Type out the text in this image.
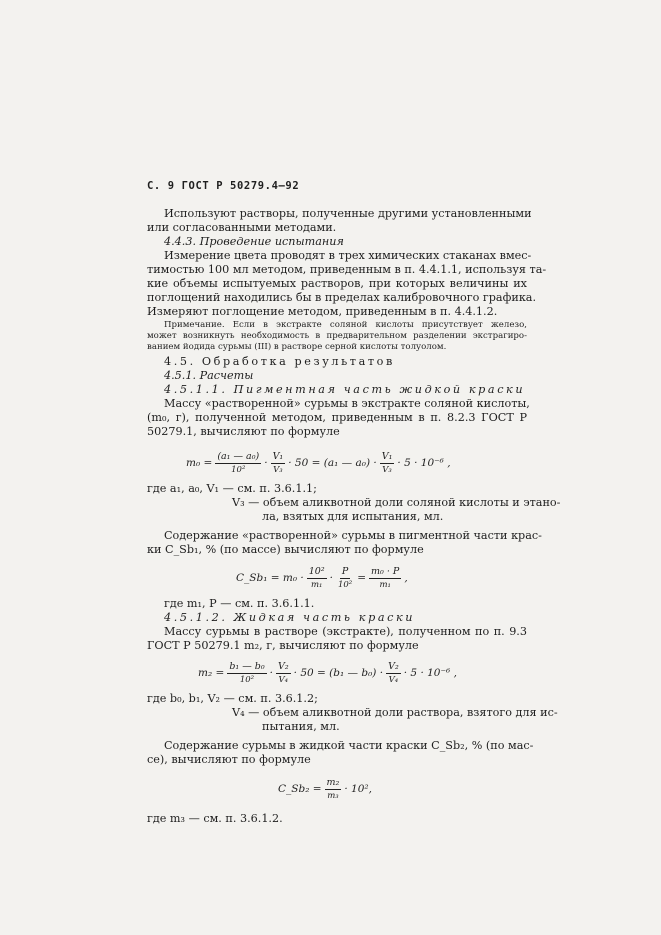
С. 9 ГОСТ Р 50279.4—92
Используют растворы, полученные другими установленными
или согласованными методами.
4.4.3. Проведение испытания
Измерение цвета проводят в трех химических стаканах вмес-
тимостью 100 мл методом, приведенным в п. 4.4.1.1, используя та-
кие объемы испытуемых растворов, при которых величины их
поглощений находились бы в пределах калибровочного графика.
Измеряют поглощение методом, приведенным в п. 4.4.1.2.
Примечание. Если в экстракте соляной кислоты присутствует железо,
может возникнуть необходимость в предварительном разделении экстрагиро-
ванием йодида сурьмы (III) в растворе серной кислоты толуолом.
4.5. Обработка результатов
4.5.1. Расчеты
4.5.1.1. Пигментная часть жидкой краски
Массу «растворенной» сурьмы в экстракте соляной кислоты,
(m₀, г), полученной методом, приведенным в п. 8.2.3 ГОСТ Р
50279.1, вычисляют по формуле
$m_0 = \frac{\text{(a₁ — a₀)}}{\text{10²}} \cdot \frac{\text{V₁}}{\text{V₃}} \cdot 50 = (a_1$ — $a_0) \cdot \frac{\text{V₁}}{\text{V₃}} \cdot 5 \cdot 10^{-6}$ ,
где a₁, a₀, V₁ — см. п. 3.6.1.1;
V₃ — объем аликвотной доли соляной кислоты и этано-
ла, взятых для испытания, мл.
Содержание «растворенной» сурьмы в пигментной части крас-
ки C_Sb₁, % (по массе) вычисляют по формуле
C_Sb₁ = $m_0 \cdot \frac{\text{10²}}{\text{m₁}} \cdot \frac{P}{\text{10²}} = \frac{\text{m₀ · P}}{\text{m₁}}$ ,
где m₁, P — см. п. 3.6.1.1.
4.5.1.2. Жидкая часть краски
Массу сурьмы в растворе (экстракте), полученном по п. 9.3
ГОСТ Р 50279.1 m₂, г, вычисляют по формуле
$m_2 = \frac{\text{b₁ — b₀}}{\text{10²}} \cdot \frac{\text{V₂}}{\text{V₄}} \cdot 50 = (b_1$ — $b_0) \cdot \frac{\text{V₂}}{\text{V₄}} \cdot 5 \cdot 10^{-6}$ ,
где b₀, b₁, V₂ — см. п. 3.6.1.2;
V₄ — объем аликвотной доли раствора, взятого для ис-
пытания, мл.
Содержание сурьмы в жидкой части краски C_Sb₂, % (по мас-
се), вычисляют по формуле
C_Sb₂ = $\frac{\text{m₂}}{\text{m₃}} \cdot 10^2$,
где m₃ — см. п. 3.6.1.2.
